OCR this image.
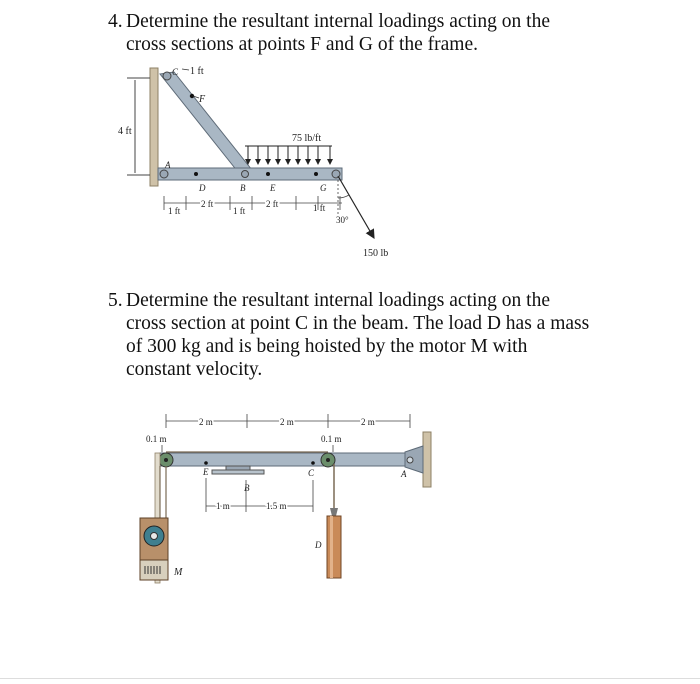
4. Determine the resultant internal loadings acting on the
cross sections at points F and G of the frame.
5. Determine the resultant internal loadings acting on the
cross section at point C in the beam. The load D has a mass
of 300 kg and is being hoisted by the motor M with
constant velocity.
4 ft
F
C 1 ft
A
75 lb/ft
D	B	E	G
1 ft
2 ft
1 ft
2 ft	1 ft
30°
150 lb
2 m	2 m	2 m
0.1 m	0.1 m
A
E
B
C
1 m	1.5 m
D
M
